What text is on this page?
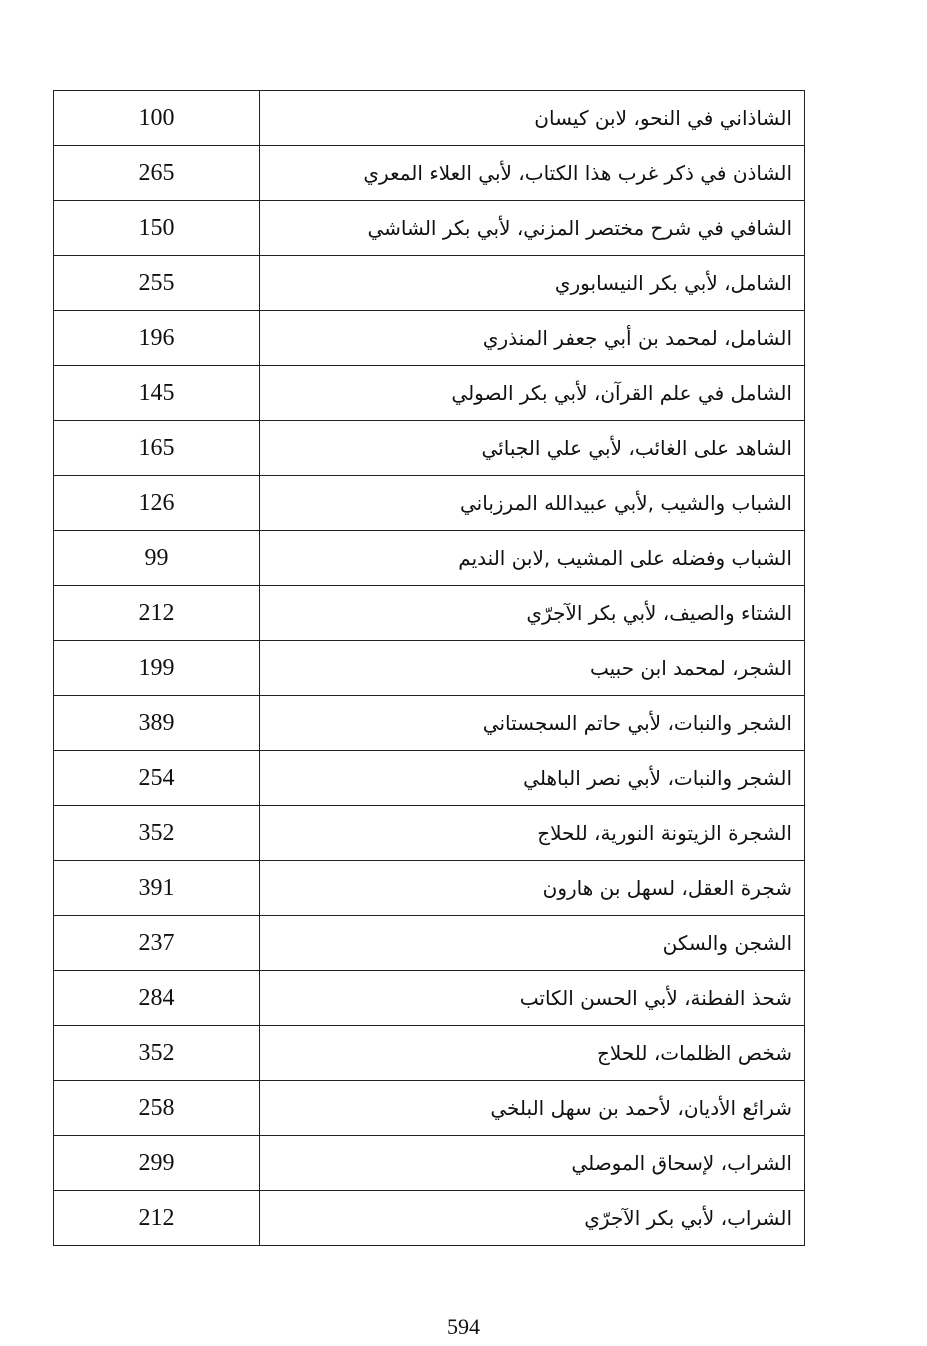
100	الشاذاني في النحو، لابن كيسان
265	الشاذن في ذكر غرب هذا الكتاب، لأبي العلاء المعري
150	الشافي في شرح مختصر المزني، لأبي بكر الشاشي
255	الشامل، لأبي بكر النيسابوري
196	الشامل، لمحمد بن أبي جعفر المنذري
145	الشامل في علم القرآن، لأبي بكر الصولي
165	الشاهد على الغائب، لأبي علي الجبائي
126	الشباب والشيب ,لأبي عبيدالله المرزباني
99	الشباب وفضله على المشيب ,لابن النديم
212	الشتاء والصيف، لأبي بكر الآجرّي
199	الشجر، لمحمد ابن حبيب
389	الشجر والنبات، لأبي حاتم السجستاني
254	الشجر والنبات، لأبي نصر الباهلي
352	الشجرة الزيتونة النورية، للحلاج
391	شجرة العقل، لسهل بن هارون
237	الشجن والسكن
284	شحذ الفطنة، لأبي الحسن الكاتب
352	شخص الظلمات، للحلاج
258	شرائع الأديان، لأحمد بن سهل البلخي
299	الشراب، لإسحاق الموصلي
212	الشراب، لأبي بكر الآجرّي
594
